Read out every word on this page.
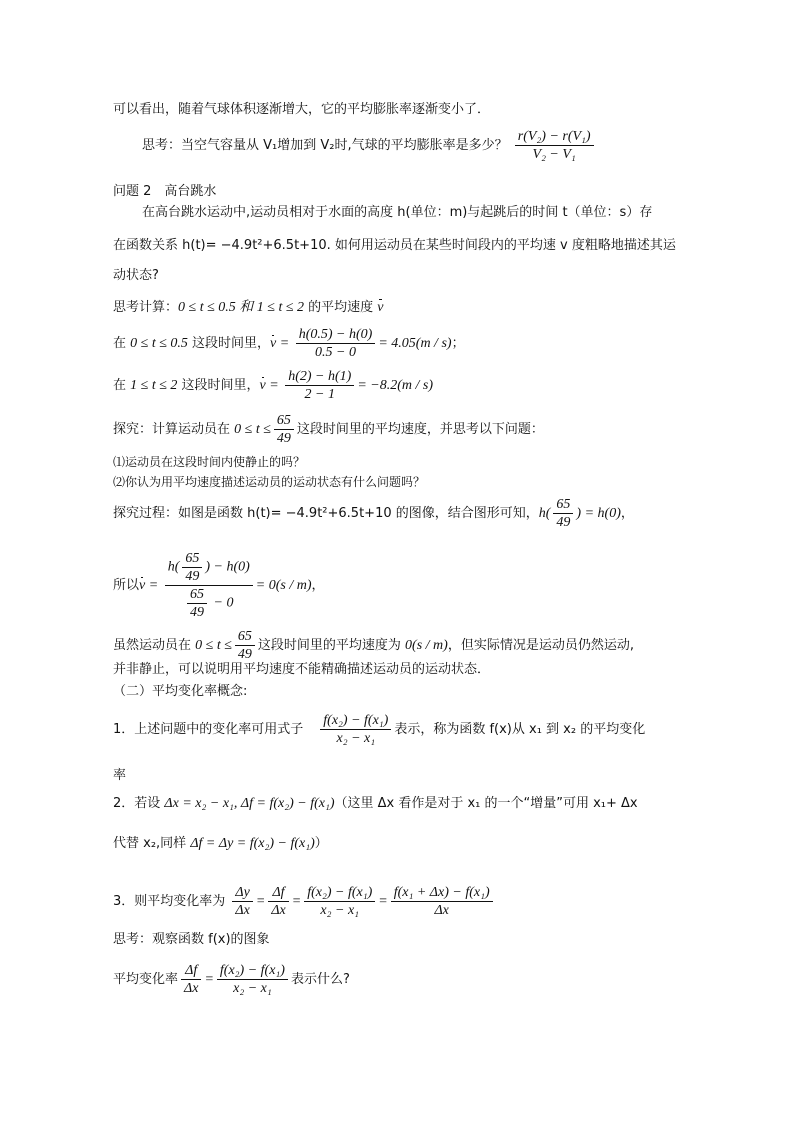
可以看出，随着气球体积逐渐增大，它的平均膨胀率逐渐变小了．
思考：当空气容量从 V₁增加到 V₂时,气球的平均膨胀率是多少？ $\frac{\text{r(V₂) − r(V₁)}}{\text{V₂ − V₁}}$
问题 2　高台跳水
在高台跳水运动中,运动员相对于水面的高度 h(单位：m)与起跳后的时间 t（单位：s）存
在函数关系 h(t)= −4.9t²+6.5t+10. 如何用运动员在某些时间段内的平均速 v 度粗略地描述其运
动状态?
思考计算：0 ≤ t ≤ 0.5 和 1 ≤ t ≤ 2 的平均速度 v
在 0 ≤ t ≤ 0.5 这段时间里，$v = \frac{h(0.5) - h(0)}{0.5 - 0} = 4.05(m / s)$；
在 1 ≤ t ≤ 2 这段时间里，$v = \frac{h(2) - h(1)}{2 - 1} = -8.2(m / s)$
探究：计算运动员在 $0 \le t \le \frac{65}{49}$ 这段时间里的平均速度，并思考以下问题：
⑴运动员在这段时间内使静止的吗？
⑵你认为用平均速度描述运动员的运动状态有什么问题吗？
探究过程：如图是函数 h(t)= −4.9t²+6.5t+10 的图像，结合图形可知，$h( \frac{65}{49}$ ) = h(0)，
所以$v = \frac{h( \frac{65}{49} ) - h(0)}{\frac{65}{49} - 0} = 0(s / m)$，
虽然运动员在 $0 \le t \le \frac{65}{49}$ 这段时间里的平均速度为 0(s / m)，但实际情况是运动员仍然运动,
并非静止，可以说明用平均速度不能精确描述运动员的运动状态．
（二）平均变化率概念:
1．上述问题中的变化率可用式子 $\frac{\text{f(x₂) − f(x₁)}}{\text{x₂ − x₁}}$ 表示，称为函数 f(x)从 x₁ 到 x₂ 的平均变化
率
2．若设 Δx = x₂ − x₁, Δf = f(x₂) − f(x₁)（这里 Δx 看作是对于 x₁ 的一个“增量”可用 x₁+ Δx
代替 x₂,同样 Δf = Δy = f(x₂) − f(x₁)）
3．则平均变化率为 $\frac{\Delta y}{\Delta x} = \frac{\Delta f}{\Delta x} = \frac{\text{f(x₂) − f(x₁)}}{\text{x₂ − x₁}} = \frac{\text{f(x₁ + Δx) − f(x₁)}}{\Delta x}$
思考：观察函数 f(x)的图象
平均变化率 $\frac{\Delta f}{\Delta x} = \frac{\text{f(x₂) − f(x₁)}}{\text{x₂ − x₁}}$ 表示什么?
